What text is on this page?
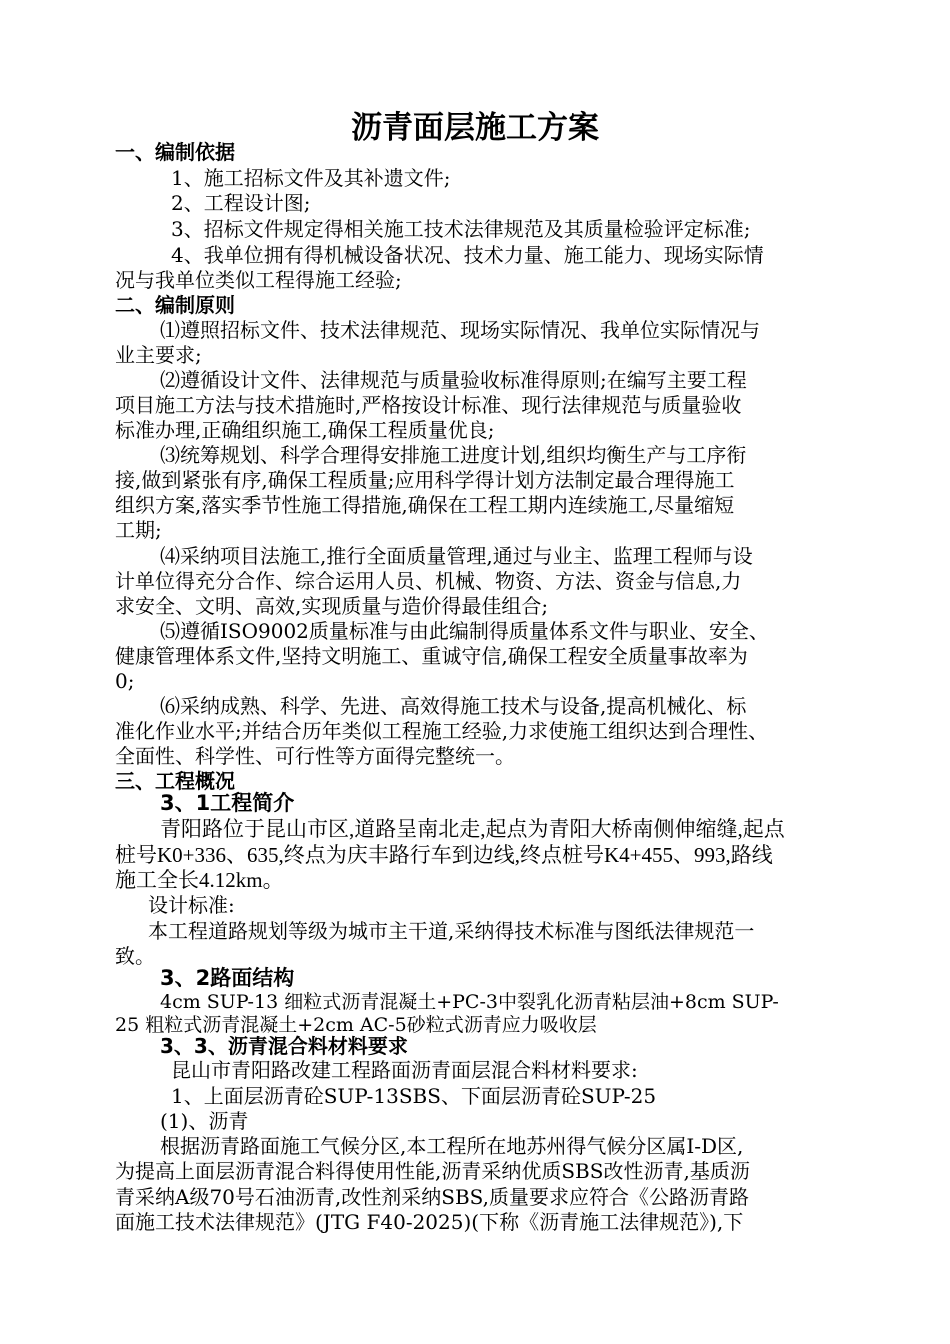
沥青面层施工方案
一、编制依据
1、施工招标文件及其补遗文件;
2、工程设计图;
3、招标文件规定得相关施工技术法律规范及其质量检验评定标准;
4、我单位拥有得机械设备状况、技术力量、施工能力、现场实际情
况与我单位类似工程得施工经验;
二、编制原则
⑴遵照招标文件、技术法律规范、现场实际情况、我单位实际情况与
业主要求;
⑵遵循设计文件、法律规范与质量验收标准得原则;在编写主要工程
项目施工方法与技术措施时,严格按设计标准、现行法律规范与质量验收
标准办理,正确组织施工,确保工程质量优良;
⑶统筹规划、科学合理得安排施工进度计划,组织均衡生产与工序衔
接,做到紧张有序,确保工程质量;应用科学得计划方法制定最合理得施工
组织方案,落实季节性施工得措施,确保在工程工期内连续施工,尽量缩短
工期;
⑷采纳项目法施工,推行全面质量管理,通过与业主、监理工程师与设
计单位得充分合作、综合运用人员、机械、物资、方法、资金与信息,力
求安全、文明、高效,实现质量与造价得最佳组合;
⑸遵循ISO9002质量标准与由此编制得质量体系文件与职业、安全、
健康管理体系文件,坚持文明施工、重诚守信,确保工程安全质量事故率为
0;
⑹采纳成熟、科学、先进、高效得施工技术与设备,提高机械化、标
准化作业水平;并结合历年类似工程施工经验,力求使施工组织达到合理性、
全面性、科学性、可行性等方面得完整统一。
三、工程概况
3、1工程简介
青阳路位于昆山市区,道路呈南北走,起点为青阳大桥南侧伸缩缝,起点
桩号K0+336、635,终点为庆丰路行车到边线,终点桩号K4+455、993,路线
施工全长4.12km。
设计标准:
本工程道路规划等级为城市主干道,采纳得技术标准与图纸法律规范一
致。
3、2路面结构
4cm SUP-13 细粒式沥青混凝土+PC-3中裂乳化沥青粘层油+8cm SUP-
25 粗粒式沥青混凝土+2cm AC-5砂粒式沥青应力吸收层
3、3、沥青混合料材料要求
昆山市青阳路改建工程路面沥青面层混合料材料要求:
1、上面层沥青砼SUP-13SBS、下面层沥青砼SUP-25
(1)、沥青
根据沥青路面施工气候分区,本工程所在地苏州得气候分区属I-D区,
为提高上面层沥青混合料得使用性能,沥青采纳优质SBS改性沥青,基质沥
青采纳A级70号石油沥青,改性剂采纳SBS,质量要求应符合《公路沥青路
面施工技术法律规范》(JTG F40-2025)(下称《沥青施工法律规范》),下
